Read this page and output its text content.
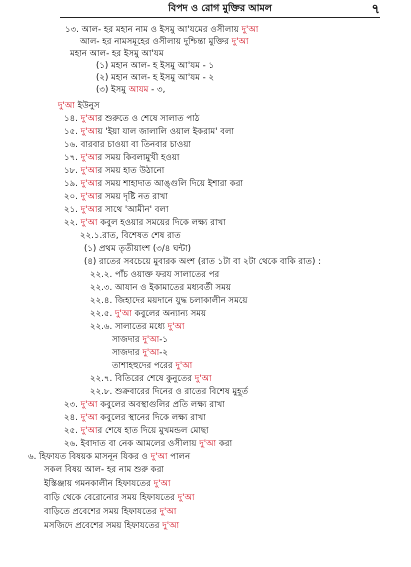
বিপদ ও রোগ মুক্তির আমল	৭
১৩. আল- হর মহান নাম ও ইসমু আ'যমের ওসীলায় দু'আ
আল- হর নামসমূহের ওসীলায় দুশ্চিন্তা মুক্তির দু'আ
মহান আল- হর ইসমু আ'যম
(১) মহান আল- হ ইসমু আ'যম - ১
(২) মহান আল- হ ইসমু আ'যম - ২
(৩) ইসমু আযম - ৩,
দু'আ ইউনুস
১৪. দু'আর শুরুতে ও শেষে সালাত পাঠ
১৫. দু'আয় 'ইয়া যাল জালালি ওয়াল ইকরাম' বলা
১৬. বারবার চাওয়া বা তিনবার চাওয়া
১৭. দু'আর সময় কিবলামুখী হওয়া
১৮. দু'আর সময় হাত উঠানো
১৯. দু'আর সময় শাহাদাত আঙ্গুলি দিয়ে ইশারা করা
২০. দু'আর সময় দৃষ্টি নত রাখা
২১. দু'আর সাথে 'আমীন' বলা
২২. দু'আ কবুল হওয়ার সময়ের দিকে লক্ষ্য রাখা
২২.১.রাত, বিশেষত শেষ রাত
(১) প্রথম তৃতীয়াংশ (৩/৪ ঘন্টা)
(৪) রাতের সবচেয়ে মুবারক অংশ (রাত ১টা বা ২টা থেকে বাকি রাত) :
২২.২. পাঁচ ওয়াক্ত ফরয সালাতের পর
২২.৩. আযান ও ইকামাতের মধ্যবর্তী সময়
২২.৪. জিহাদের ময়দানে যুদ্ধ চলাকালীন সময়ে
২২.৫. দু'আ কবুলের অন্যান্য সময়
২২.৬. সালাতের মধ্যে দু'আ
সাজদার দু'আ-১
সাজদার দু'আ-২
তাশাহহুদের পরের দু'আ
২২.৭. বিতিরের শেষে কুনুতের দু'আ
২২.৮. শুক্রবারের দিনের ও রাতের বিশেষ মুহূর্ত
২৩. দু'আ কবুলের অবস্থাগুলির প্রতি লক্ষ্য রাখা
২৪. দু'আ কবুলের স্থানের দিকে লক্ষ্য রাখা
২৫. দু'আর শেষে হাত দিয়ে মুখমন্ডল মোছা
২৬. ইবাদাত বা নেক আমলের ওসীলায় দু'আ করা
৬. হিফাযত বিষয়ক মাসনূন যিকর ও দু'আ পালন
সকল বিষয় আল- হর নাম শুরু করা
ইস্তিঞ্জায় গমনকালীন হিফাযতের দু'আ
বাড়ি থেকে বেরোনোর সময় হিফাযতের দু'আ
বাড়িতে প্রবেশের সময় হিফাযতের দু'আ
মসজিদে প্রবেশের সময় হিফাযতের দু'আ
